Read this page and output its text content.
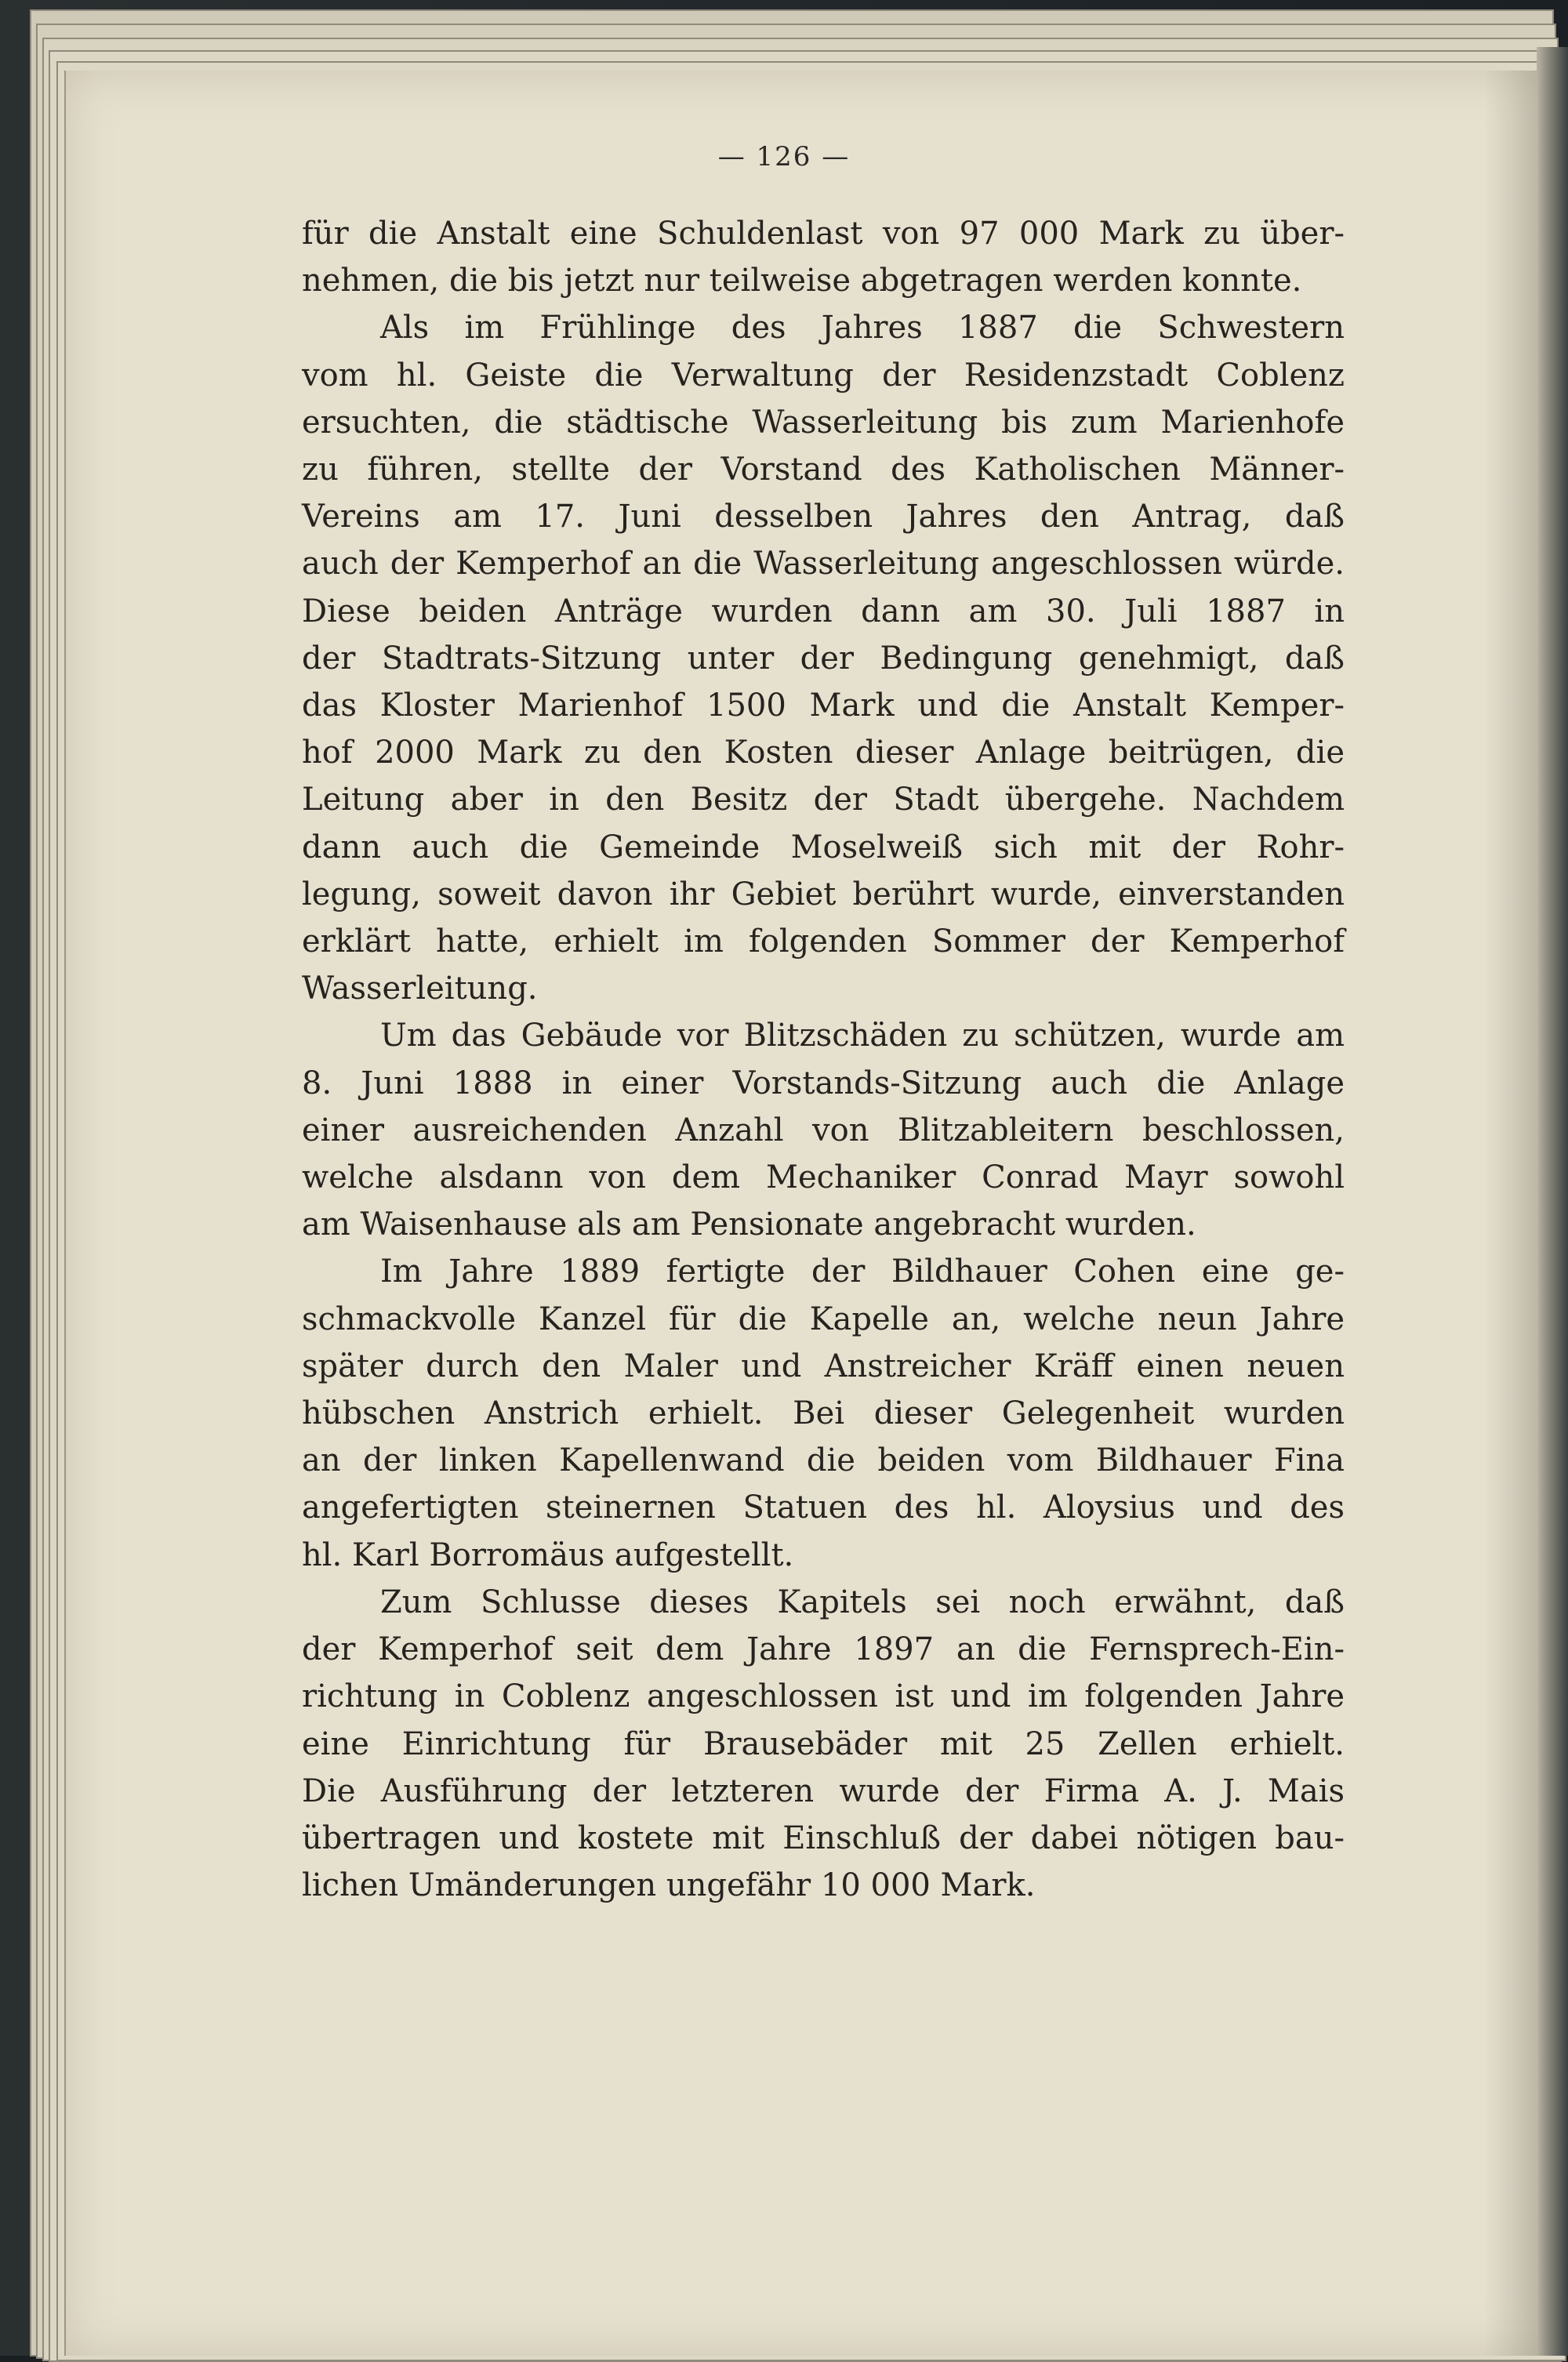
— 126 —
für die Anstalt eine Schuldenlast von 97 000 Mark zu über-
nehmen, die bis jetzt nur teilweise abgetragen werden konnte.
Als im Frühlinge des Jahres 1887 die Schwestern
vom hl. Geiste die Verwaltung der Residenzstadt Coblenz
ersuchten, die städtische Wasserleitung bis zum Marienhofe
zu führen, stellte der Vorstand des Katholischen Männer-
Vereins am 17. Juni desselben Jahres den Antrag, daß
auch der Kemperhof an die Wasserleitung angeschlossen würde.
Diese beiden Anträge wurden dann am 30. Juli 1887 in
der Stadtrats-Sitzung unter der Bedingung genehmigt, daß
das Kloster Marienhof 1500 Mark und die Anstalt Kemper-
hof 2000 Mark zu den Kosten dieser Anlage beitrügen, die
Leitung aber in den Besitz der Stadt übergehe. Nachdem
dann auch die Gemeinde Moselweiß sich mit der Rohr-
legung, soweit davon ihr Gebiet berührt wurde, einverstanden
erklärt hatte, erhielt im folgenden Sommer der Kemperhof
Wasserleitung.
Um das Gebäude vor Blitzschäden zu schützen, wurde am
8. Juni 1888 in einer Vorstands-Sitzung auch die Anlage
einer ausreichenden Anzahl von Blitzableitern beschlossen,
welche alsdann von dem Mechaniker Conrad Mayr sowohl
am Waisenhause als am Pensionate angebracht wurden.
Im Jahre 1889 fertigte der Bildhauer Cohen eine ge-
schmackvolle Kanzel für die Kapelle an, welche neun Jahre
später durch den Maler und Anstreicher Kräff einen neuen
hübschen Anstrich erhielt. Bei dieser Gelegenheit wurden
an der linken Kapellenwand die beiden vom Bildhauer Fina
angefertigten steinernen Statuen des hl. Aloysius und des
hl. Karl Borromäus aufgestellt.
Zum Schlusse dieses Kapitels sei noch erwähnt, daß
der Kemperhof seit dem Jahre 1897 an die Fernsprech-Ein-
richtung in Coblenz angeschlossen ist und im folgenden Jahre
eine Einrichtung für Brausebäder mit 25 Zellen erhielt.
Die Ausführung der letzteren wurde der Firma A. J. Mais
übertragen und kostete mit Einschluß der dabei nötigen bau-
lichen Umänderungen ungefähr 10 000 Mark.
